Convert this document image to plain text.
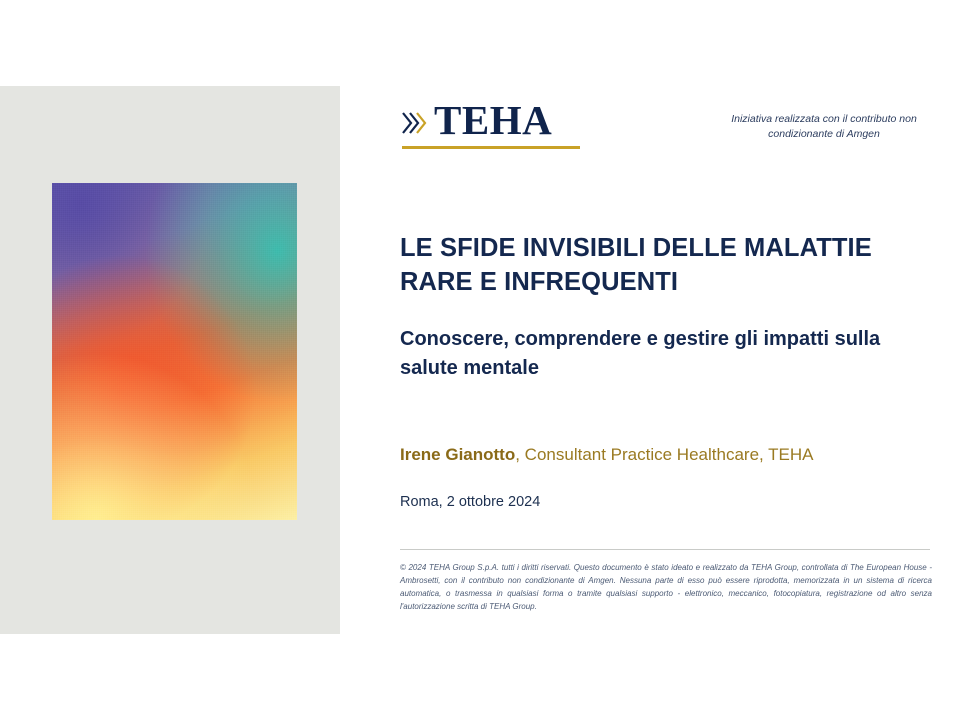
TEHA	Iniziativa realizzata con il contributo non condizionante di Amgen
LE SFIDE INVISIBILI DELLE MALATTIE RARE E INFREQUENTI
Conoscere, comprendere e gestire gli impatti sulla salute mentale
Irene Gianotto, Consultant Practice Healthcare, TEHA
Roma, 2 ottobre 2024
© 2024 TEHA Group S.p.A. tutti i diritti riservati. Questo documento è stato ideato e realizzato da TEHA Group, controllata di The European House - Ambrosetti, con il contributo non condizionante di Amgen. Nessuna parte di esso può essere riprodotta, memorizzata in un sistema di ricerca automatica, o trasmessa in qualsiasi forma o tramite qualsiasi supporto - elettronico, meccanico, fotocopiatura, registrazione od altro senza l'autorizzazione scritta di TEHA Group.
